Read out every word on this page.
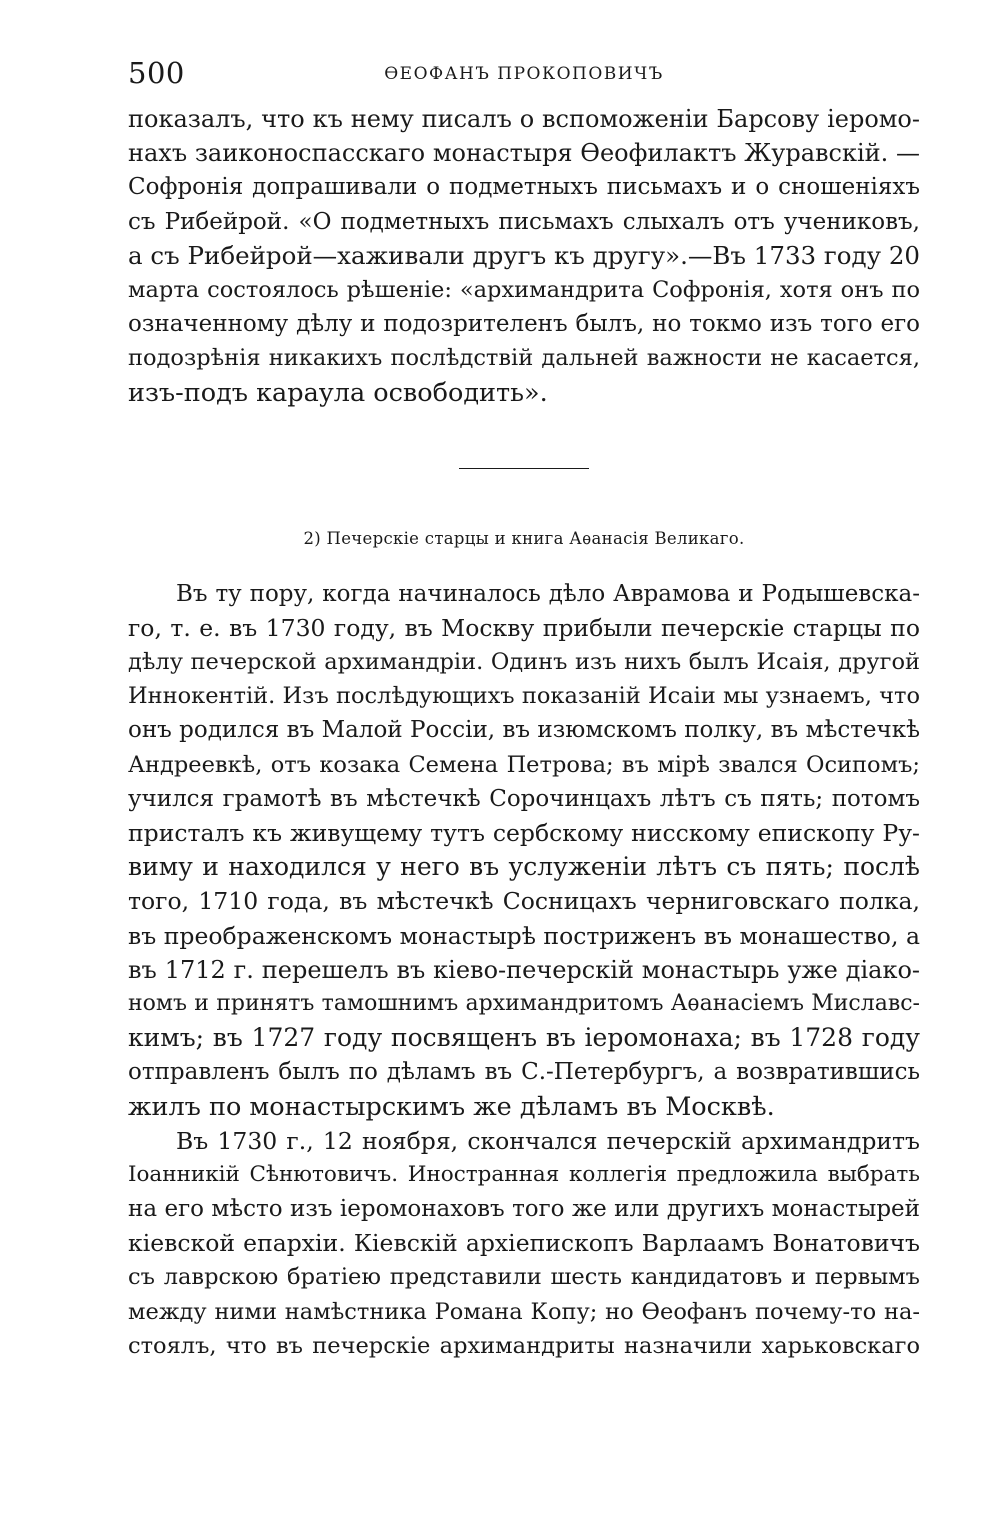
500	ѲЕОФАНЪ ПРОКОПОВИЧЪ
показалъ, что къ нему писалъ о вспоможеніи Барсову іеромо-
нахъ заиконоспасскаго монастыря Ѳеофилактъ Журавскій. —
Софронія допрашивали о подметныхъ письмахъ и о сношеніяхъ
съ Рибейрой. «О подметныхъ письмахъ слыхалъ отъ учениковъ,
а съ Рибейрой—хаживали другъ къ другу».—Въ 1733 году 20
марта состоялось рѣшеніе: «архимандрита Софронія, хотя онъ по
означенному дѣлу и подозрителенъ былъ, но токмо изъ того его
подозрѣнія никакихъ послѣдствій дальней важности не касается,
изъ-подъ караула освободить».
2) Печерскіе старцы и книга Аѳанасія Великаго.
Въ ту пору, когда начиналось дѣло Аврамова и Родышевска-
го, т. е. въ 1730 году, въ Москву прибыли печерскіе старцы по
дѣлу печерской архимандріи. Одинъ изъ нихъ былъ Исаія, другой
Иннокентій. Изъ послѣдующихъ показаній Исаіи мы узнаемъ, что
онъ родился въ Малой Россіи, въ изюмскомъ полку, въ мѣстечкѣ
Андреевкѣ, отъ козака Семена Петрова; въ мірѣ звался Осипомъ;
учился грамотѣ въ мѣстечкѣ Сорочинцахъ лѣтъ съ пять; потомъ
присталъ къ живущему тутъ сербскому нисскому епископу Ру-
виму и находился у него въ услуженіи лѣтъ съ пять; послѣ
того, 1710 года, въ мѣстечкѣ Сосницахъ черниговскаго полка,
въ преображенскомъ монастырѣ постриженъ въ монашество, а
въ 1712 г. перешелъ въ кіево-печерскій монастырь уже діако-
номъ и принятъ тамошнимъ архимандритомъ Аѳанасіемъ Миславс-
кимъ; въ 1727 году посвященъ въ іеромонаха; въ 1728 году
отправленъ былъ по дѣламъ въ С.-Петербургъ, а возвратившись
жилъ по монастырскимъ же дѣламъ въ Москвѣ.
Въ 1730 г., 12 ноября, скончался печерскій архимандритъ
Іоанникій Сѣнютовичъ. Иностранная коллегія предложила выбрать
на его мѣсто изъ іеромонаховъ того же или другихъ монастырей
кіевской епархіи. Кіевскій архіепископъ Варлаамъ Вонатовичъ
съ лаврскою братіею представили шесть кандидатовъ и первымъ
между ними намѣстника Романа Копу; но Ѳеофанъ почему-то на-
стоялъ, что въ печерскіе архимандриты назначили харьковскаго
